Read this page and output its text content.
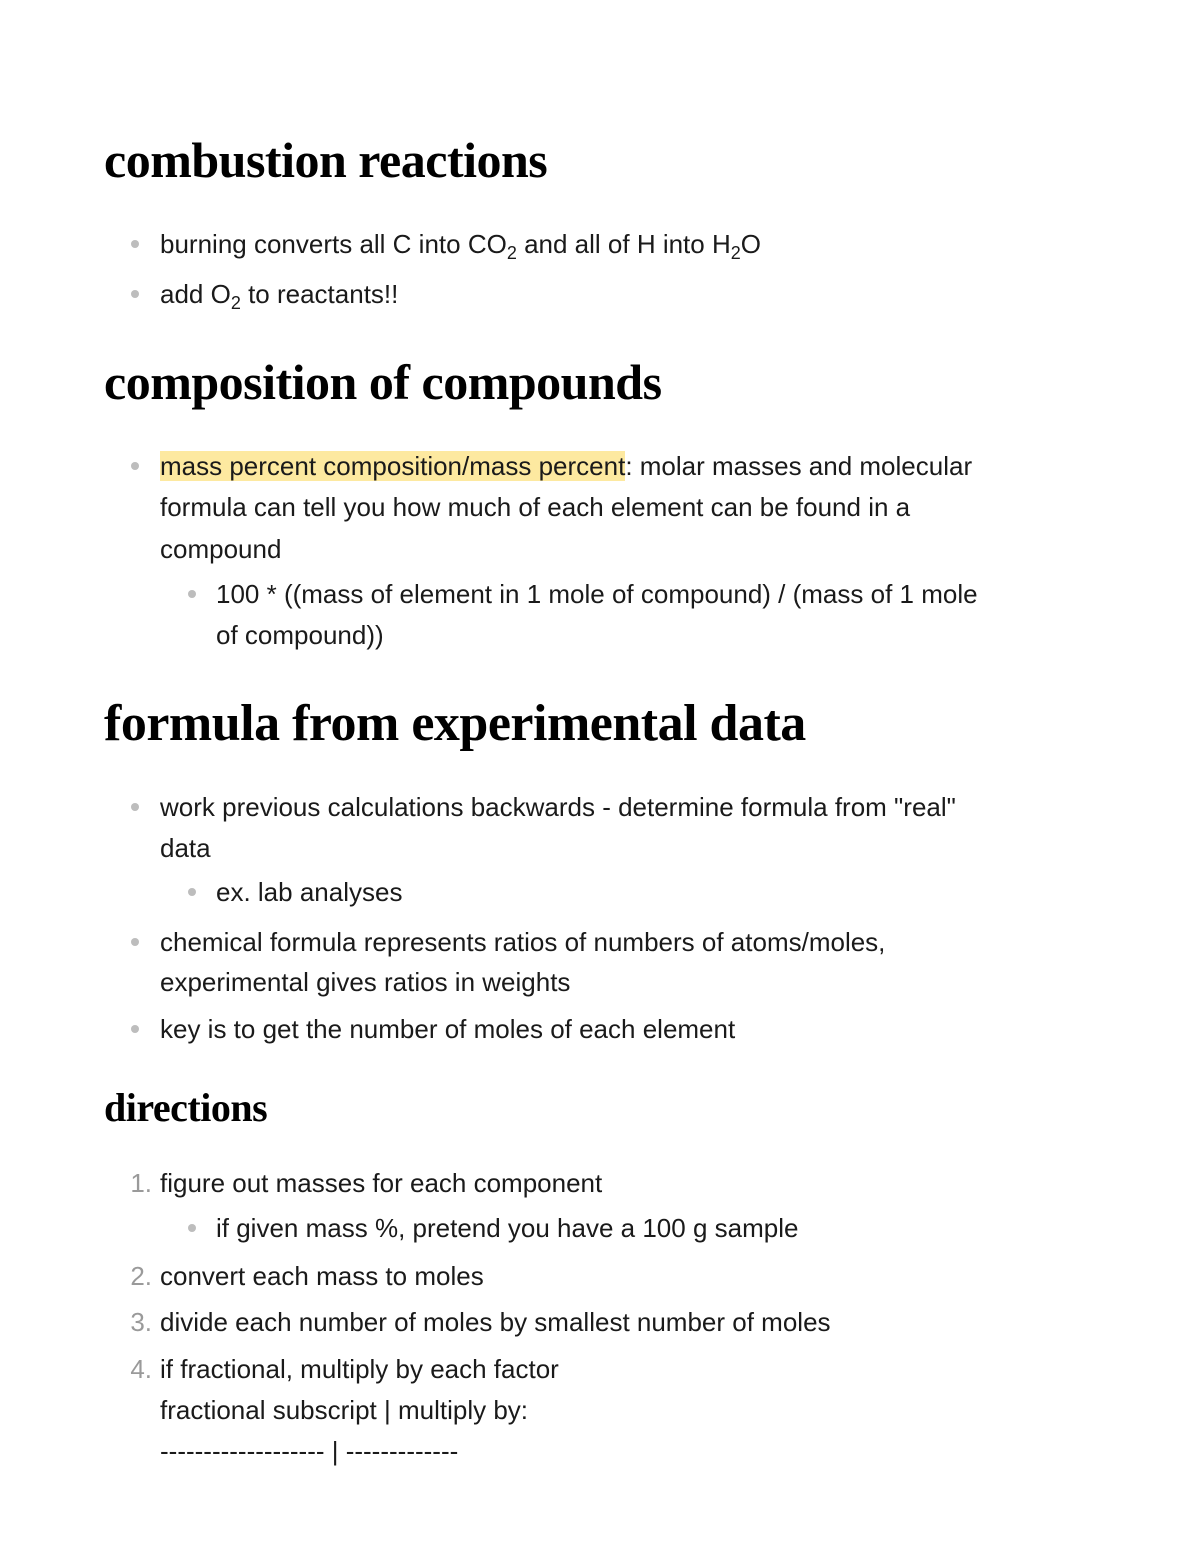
combustion reactions
burning converts all C into $CO_2$ and all of H into $H_2O$
add $O_2$ to reactants!!
composition of compounds
mass percent composition/mass percent: molar masses and molecular
formula can tell you how much of each element can be found in a
compound
100 * ((mass of element in 1 mole of compound) / (mass of 1 mole
of compound))
formula from experimental data
work previous calculations backwards - determine formula from "real"
data
ex. lab analyses
chemical formula represents ratios of numbers of atoms/moles,
experimental gives ratios in weights
key is to get the number of moles of each element
directions
1. figure out masses for each component
if given mass %, pretend you have a 100 g sample
2. convert each mass to moles
3. divide each number of moles by smallest number of moles
4. if fractional, multiply by each factor
fractional subscript | multiply by:
------------------- | -------------
